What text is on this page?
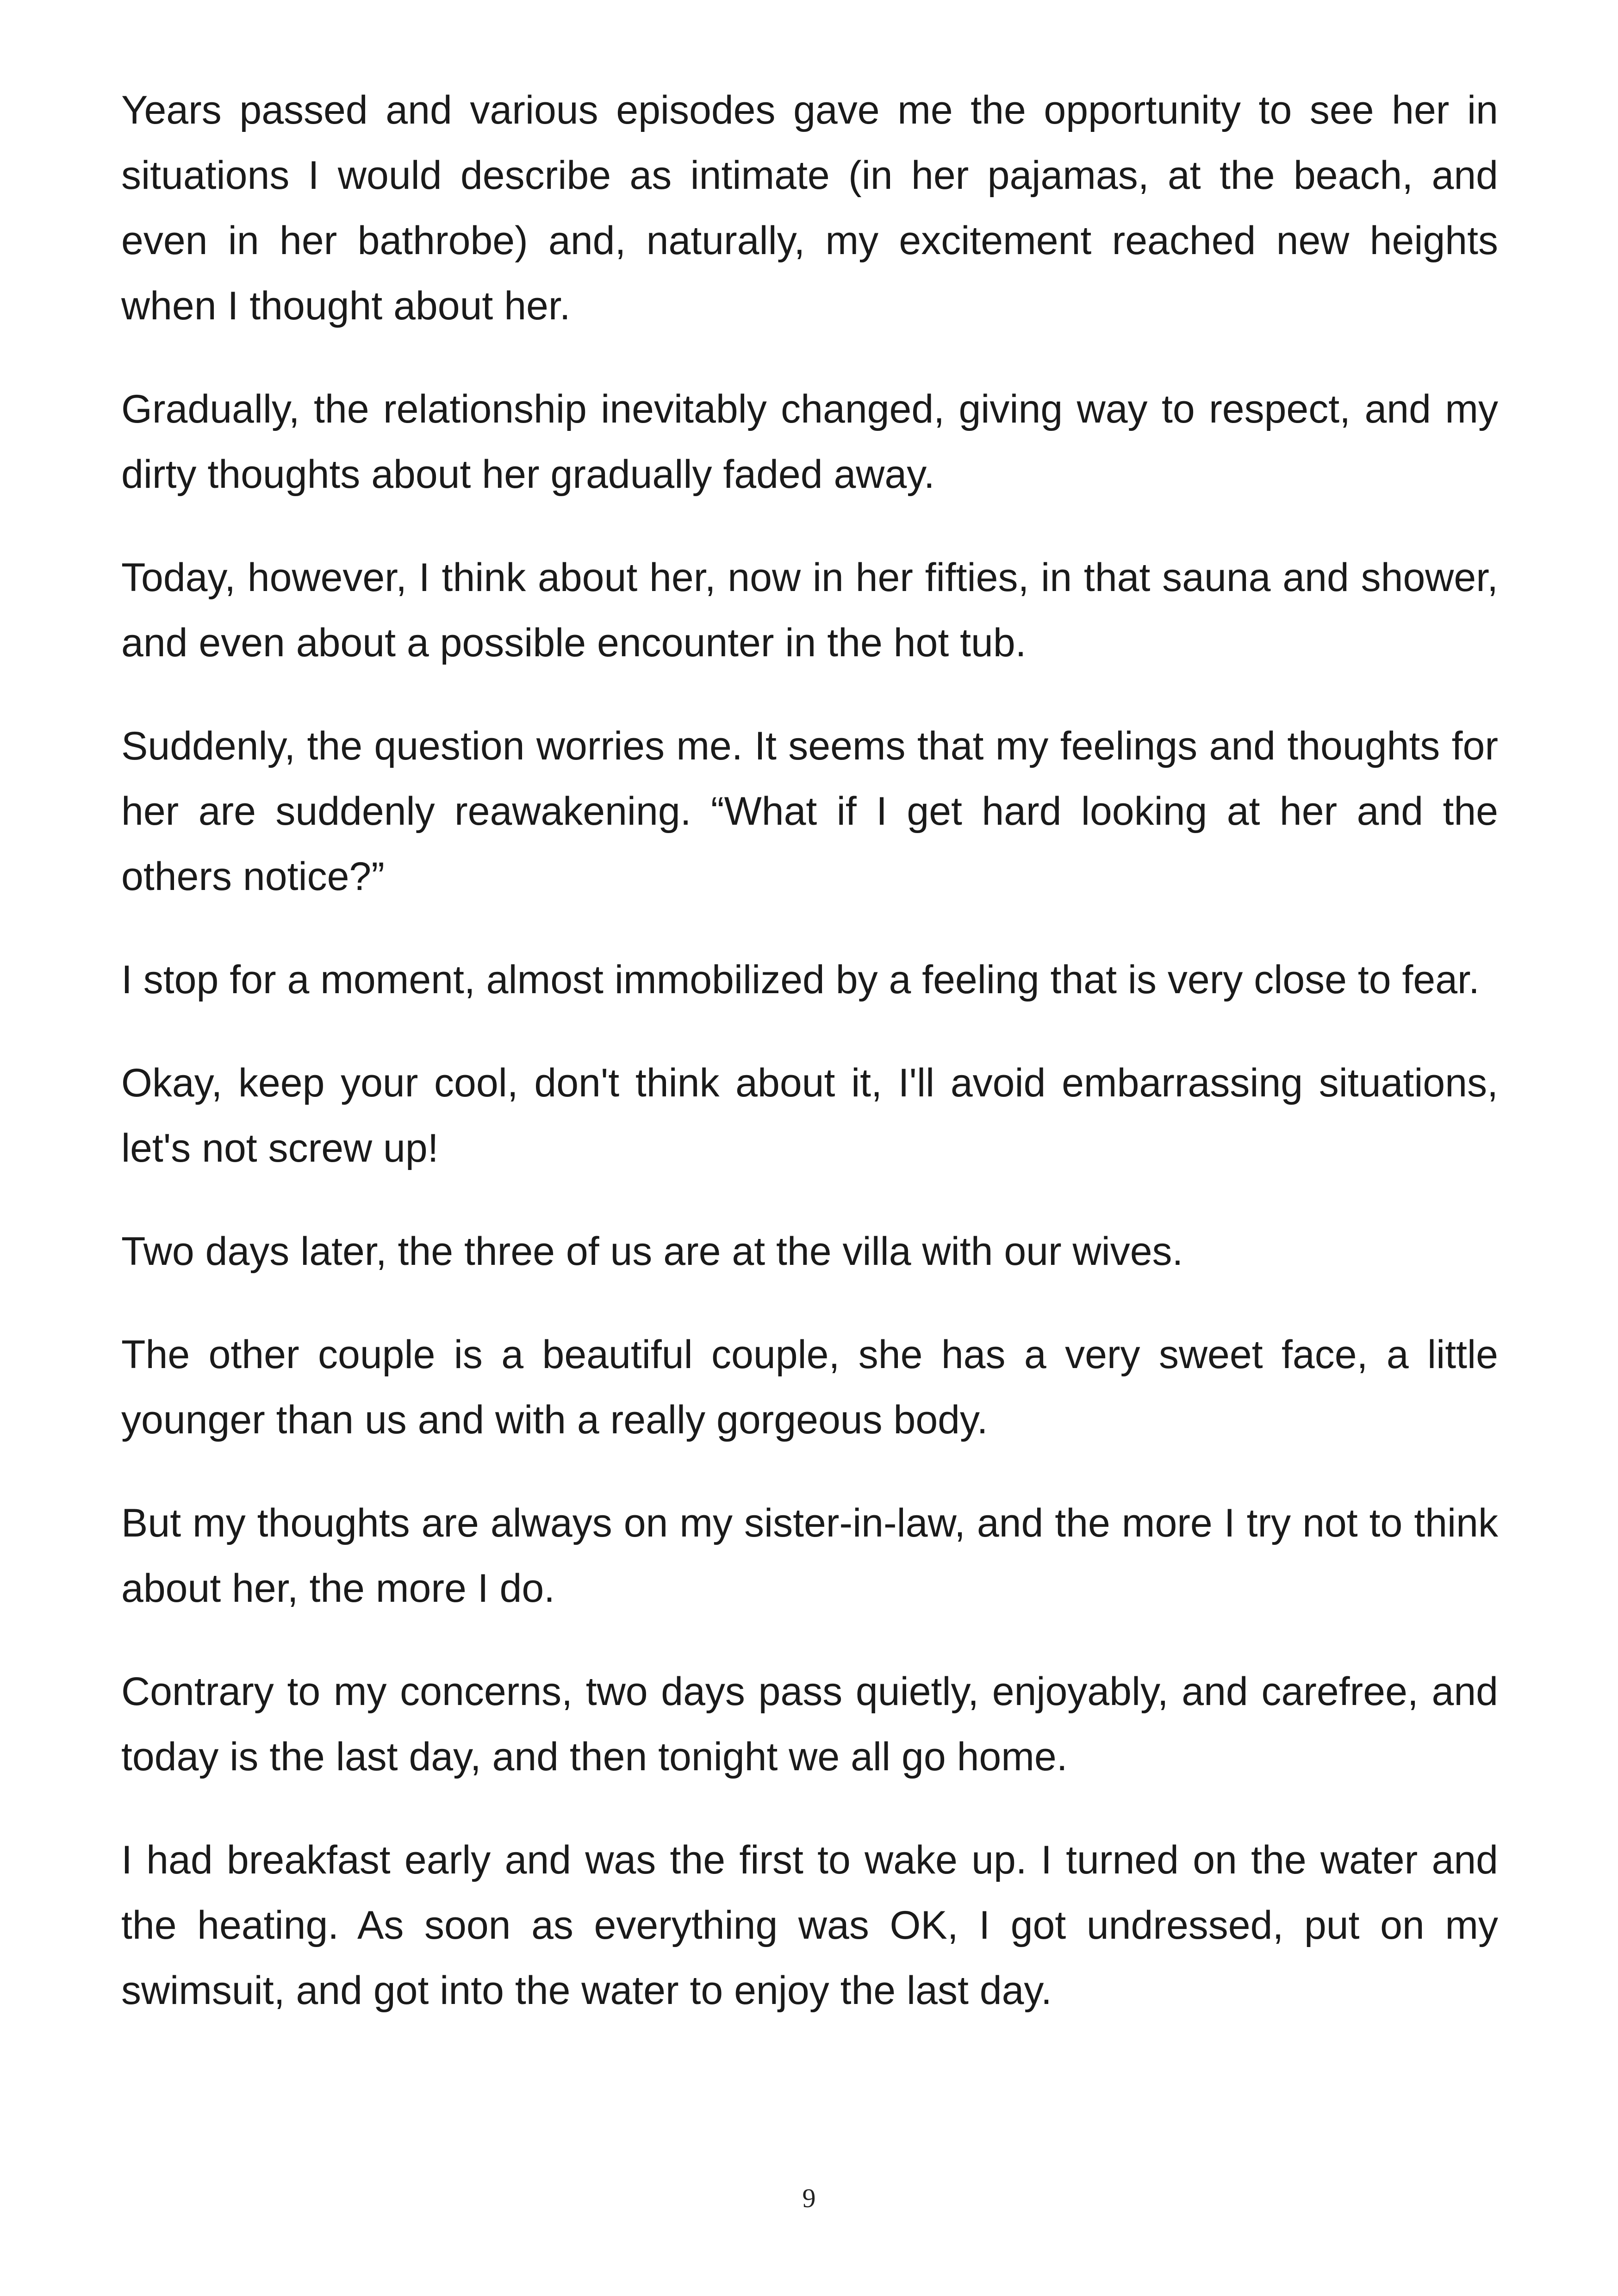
Years passed and various episodes gave me the opportunity to see her in situations I would describe as intimate (in her pajamas, at the beach, and even in her bathrobe) and, naturally, my excitement reached new heights when I thought about her.

Gradually, the relationship inevitably changed, giving way to respect, and my dirty thoughts about her gradually faded away.

Today, however, I think about her, now in her fifties, in that sauna and shower, and even about a possible encounter in the hot tub.

Suddenly, the question worries me. It seems that my feelings and thoughts for her are suddenly reawakening. “What if I get hard looking at her and the others notice?”

I stop for a moment, almost immobilized by a feeling that is very close to fear.

Okay, keep your cool, don't think about it, I'll avoid embarrassing situations, let's not screw up!

Two days later, the three of us are at the villa with our wives.

The other couple is a beautiful couple, she has a very sweet face, a little younger than us and with a really gorgeous body.

But my thoughts are always on my sister-in-law, and the more I try not to think about her, the more I do.

Contrary to my concerns, two days pass quietly, enjoyably, and carefree, and today is the last day, and then tonight we all go home.

I had breakfast early and was the first to wake up. I turned on the water and the heating. As soon as everything was OK, I got undressed, put on my swimsuit, and got into the water to enjoy the last day.

9
